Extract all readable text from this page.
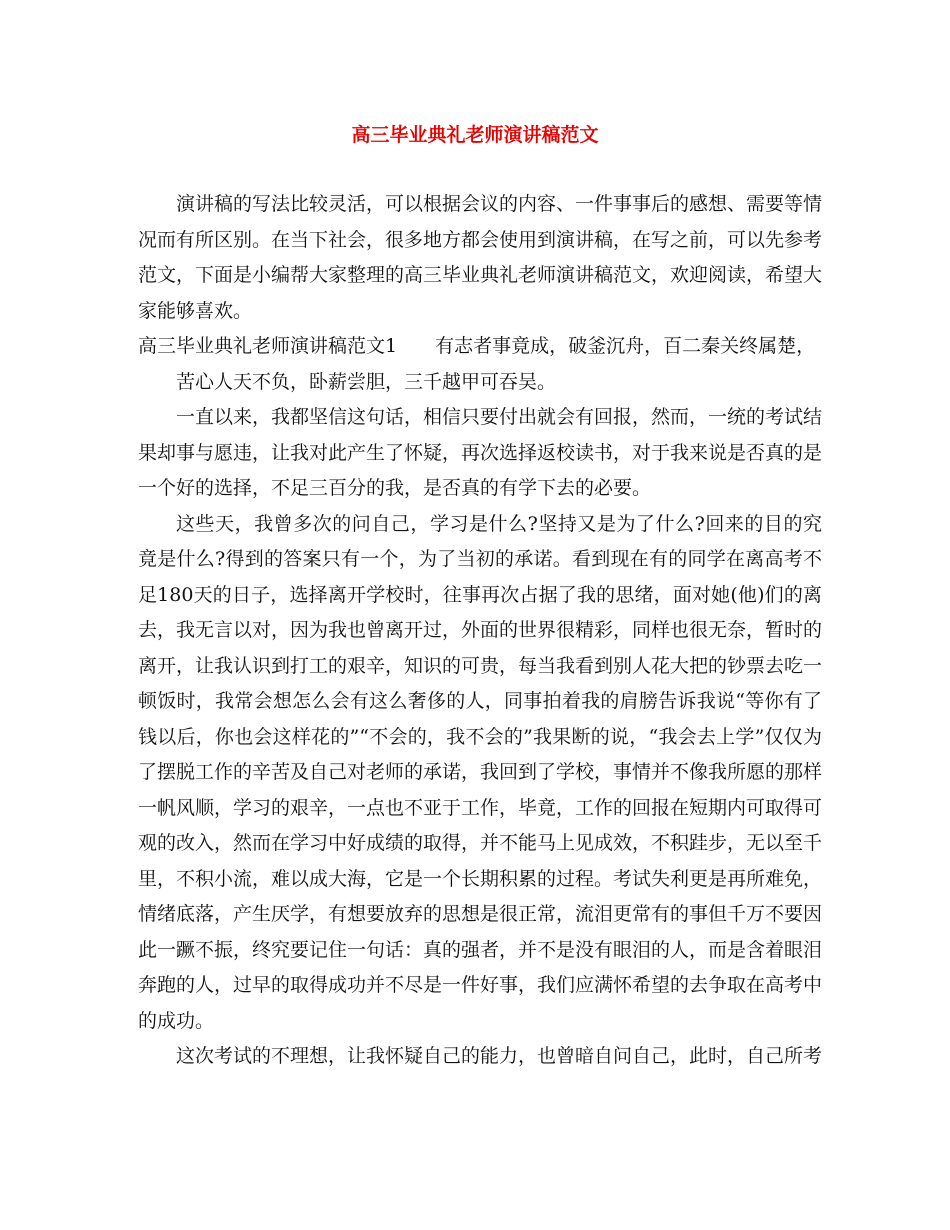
高三毕业典礼老师演讲稿范文

演讲稿的写法比较灵活，可以根据会议的内容、一件事事后的感想、需要等情况而有所区别。在当下社会，很多地方都会使用到演讲稿，在写之前，可以先参考范文，下面是小编帮大家整理的高三毕业典礼老师演讲稿范文，欢迎阅读，希望大家能够喜欢。

高三毕业典礼老师演讲稿范文1 有志者事竟成，破釜沉舟，百二秦关终属楚，

苦心人天不负，卧薪尝胆，三千越甲可吞吴。

一直以来，我都坚信这句话，相信只要付出就会有回报，然而，一统的考试结果却事与愿违，让我对此产生了怀疑，再次选择返校读书，对于我来说是否真的是一个好的选择，不足三百分的我，是否真的有学下去的必要。

这些天，我曾多次的问自己，学习是什么?坚持又是为了什么?回来的目的究竟是什么?得到的答案只有一个，为了当初的承诺。看到现在有的同学在离高考不足180天的日子，选择离开学校时，往事再次占据了我的思绪，面对她(他)们的离去，我无言以对，因为我也曾离开过，外面的世界很精彩，同样也很无奈，暂时的离开，让我认识到打工的艰辛，知识的可贵，每当我看到别人花大把的钞票去吃一顿饭时，我常会想怎么会有这么奢侈的人，同事拍着我的肩膀告诉我说“等你有了钱以后，你也会这样花的”“不会的，我不会的”我果断的说，“我会去上学”仅仅为了摆脱工作的辛苦及自己对老师的承诺，我回到了学校，事情并不像我所愿的那样一帆风顺，学习的艰辛，一点也不亚于工作，毕竟，工作的回报在短期内可取得可观的改入，然而在学习中好成绩的取得，并不能马上见成效，不积跬步，无以至千里，不积小流，难以成大海，它是一个长期积累的过程。考试失利更是再所难免，情绪底落，产生厌学，有想要放弃的思想是很正常，流泪更常有的事但千万不要因此一蹶不振，终究要记住一句话：真的强者，并不是没有眼泪的人，而是含着眼泪奔跑的人，过早的取得成功并不尽是一件好事，我们应满怀希望的去争取在高考中的成功。

这次考试的不理想，让我怀疑自己的能力，也曾暗自问自己，此时，自己所考
